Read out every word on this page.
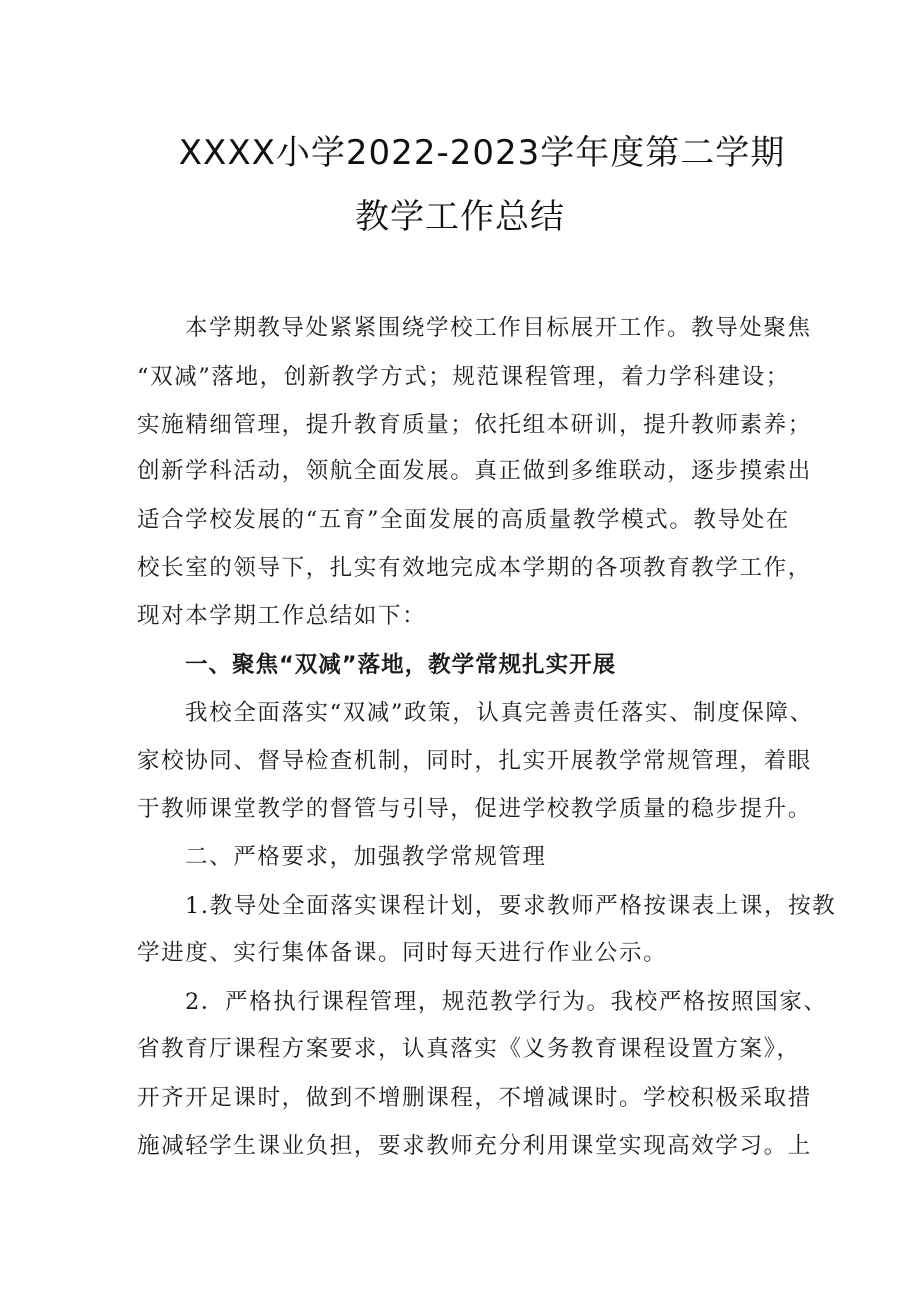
XXXX小学2022-2023学年度第二学期
教学工作总结
本学期教导处紧紧围绕学校工作目标展开工作。教导处聚焦
“双减”落地，创新教学方式；规范课程管理，着力学科建设；
实施精细管理，提升教育质量；依托组本研训，提升教师素养；
创新学科活动，领航全面发展。真正做到多维联动，逐步摸索出
适合学校发展的“五育”全面发展的高质量教学模式。教导处在
校长室的领导下，扎实有效地完成本学期的各项教育教学工作，
现对本学期工作总结如下：
一、聚焦“双减”落地，教学常规扎实开展
我校全面落实“双减”政策，认真完善责任落实、制度保障、
家校协同、督导检查机制，同时，扎实开展教学常规管理，着眼
于教师课堂教学的督管与引导，促进学校教学质量的稳步提升。
二、严格要求，加强教学常规管理
1.教导处全面落实课程计划，要求教师严格按课表上课，按教
学进度、实行集体备课。同时每天进行作业公示。
2．严格执行课程管理，规范教学行为。我校严格按照国家、
省教育厅课程方案要求，认真落实《义务教育课程设置方案》，
开齐开足课时，做到不增删课程，不增减课时。学校积极采取措
施减轻学生课业负担，要求教师充分利用课堂实现高效学习。上
